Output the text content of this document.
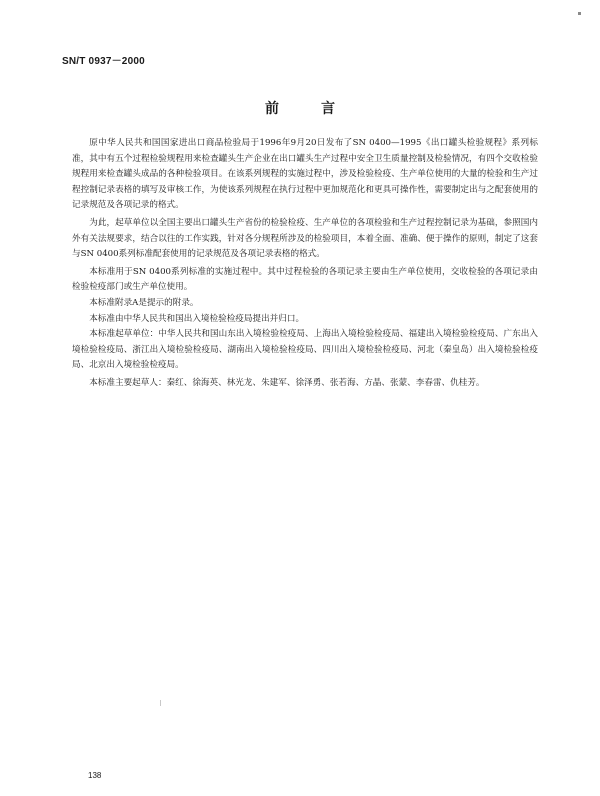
SN/T 0937－2000
前言

原中华人民共和国国家进出口商品检验局于1996年9月20日发布了SN 0400—1995《出口罐头检验规程》系列标准，其中有五个过程检验规程用来检查罐头生产企业在出口罐头生产过程中安全卫生质量控制及检验情况，有四个交收检验规程用来检查罐头成品的各种检验项目。在该系列规程的实施过程中，涉及检验检疫、生产单位使用的大量的检验和生产过程控制记录表格的填写及审核工作，为使该系列规程在执行过程中更加规范化和更具可操作性，需要制定出与之配套使用的记录规范及各项记录的格式。

为此，起草单位以全国主要出口罐头生产省份的检验检疫、生产单位的各项检验和生产过程控制记录为基础，参照国内外有关法规要求，结合以往的工作实践，针对各分规程所涉及的检验项目，本着全面、准确、便于操作的原则，制定了这套与SN 0400系列标准配套使用的记录规范及各项记录表格的格式。

本标准用于SN 0400系列标准的实施过程中。其中过程检验的各项记录主要由生产单位使用，交收检验的各项记录由检验检疫部门或生产单位使用。

本标准附录A是提示的附录。

本标准由中华人民共和国出入境检验检疫局提出并归口。

本标准起草单位：中华人民共和国山东出入境检验检疫局、上海出入境检验检疫局、福建出入境检验检疫局、广东出入境检验检疫局、浙江出入境检验检疫局、湖南出入境检验检疫局、四川出入境检验检疫局、河北（秦皇岛）出入境检验检疫局、北京出入境检验检疫局。

本标准主要起草人：秦红、徐海英、林光龙、朱建军、徐泽勇、张若海、方晶、张蒙、李春雷、仇桂芳。

138
